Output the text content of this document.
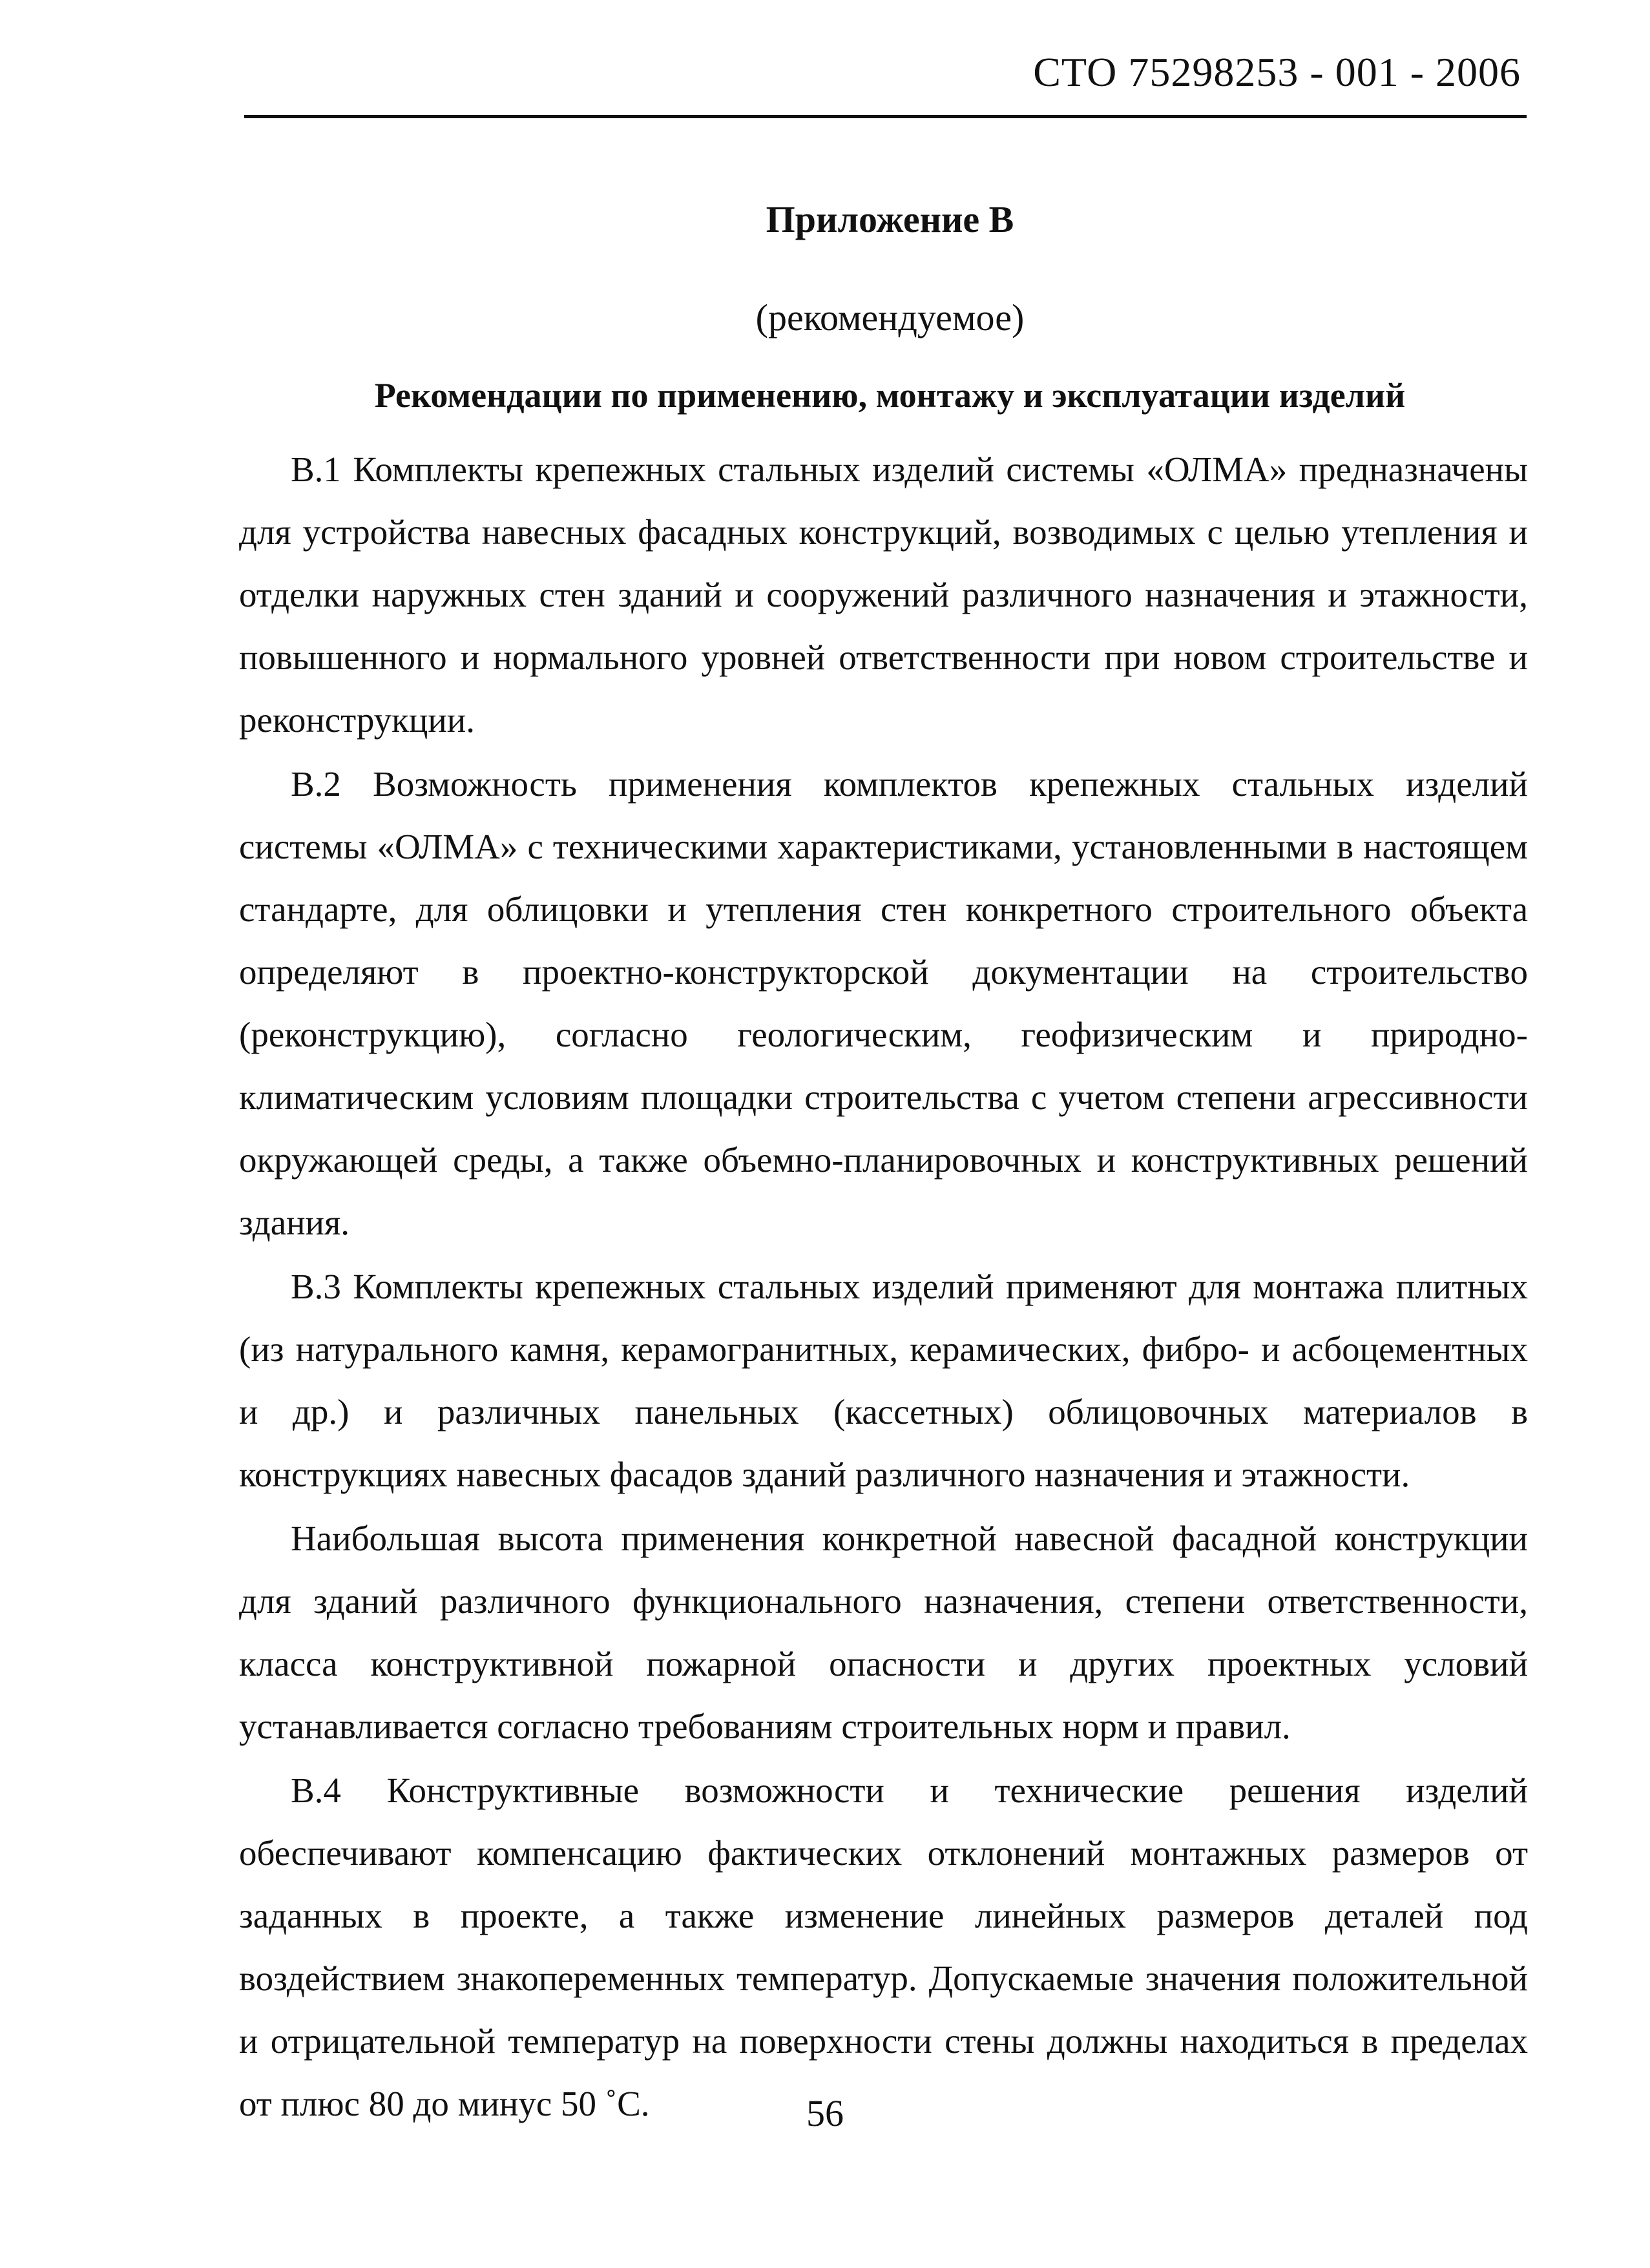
СТО 75298253 - 001 - 2006
Приложение В
(рекомендуемое)
Рекомендации по применению, монтажу и эксплуатации изделий

В.1 Комплекты крепежных стальных изделий системы «ОЛМА» предназначены для устройства навесных фасадных конструкций, возводимых с целью утепления и отделки наружных стен зданий и сооружений различного назначения и этажности, повышенного и нормального уровней ответственности при новом строительстве и реконструкции.

В.2 Возможность применения комплектов крепежных стальных изделий системы «ОЛМА» с техническими характеристиками, установленными в настоящем стандарте, для облицовки и утепления стен конкретного строительного объекта определяют в проектно-конструкторской документации на строительство (реконструкцию), согласно геологическим, геофизическим и природно-климатическим условиям площадки строительства с учетом степени агрессивности окружающей среды, а также объемно-планировочных и конструктивных решений здания.

В.3 Комплекты крепежных стальных изделий применяют для монтажа плитных (из натурального камня, керамогранитных, керамических, фибро- и асбоцементных и др.) и различных панельных (кассетных) облицовочных материалов в конструкциях навесных фасадов зданий различного назначения и этажности.

Наибольшая высота применения конкретной навесной фасадной конструкции для зданий различного функционального назначения, степени ответственности, класса конструктивной пожарной опасности и других проектных условий устанавливается согласно требованиям строительных норм и правил.

В.4 Конструктивные возможности и технические решения изделий обеспечивают компенсацию фактических отклонений монтажных размеров от заданных в проекте, а также изменение линейных размеров деталей под воздействием знакопеременных температур. Допускаемые значения положительной и отрицательной температур на поверхности стены должны находиться в пределах от плюс 80 до минус 50 ˚С.	56
